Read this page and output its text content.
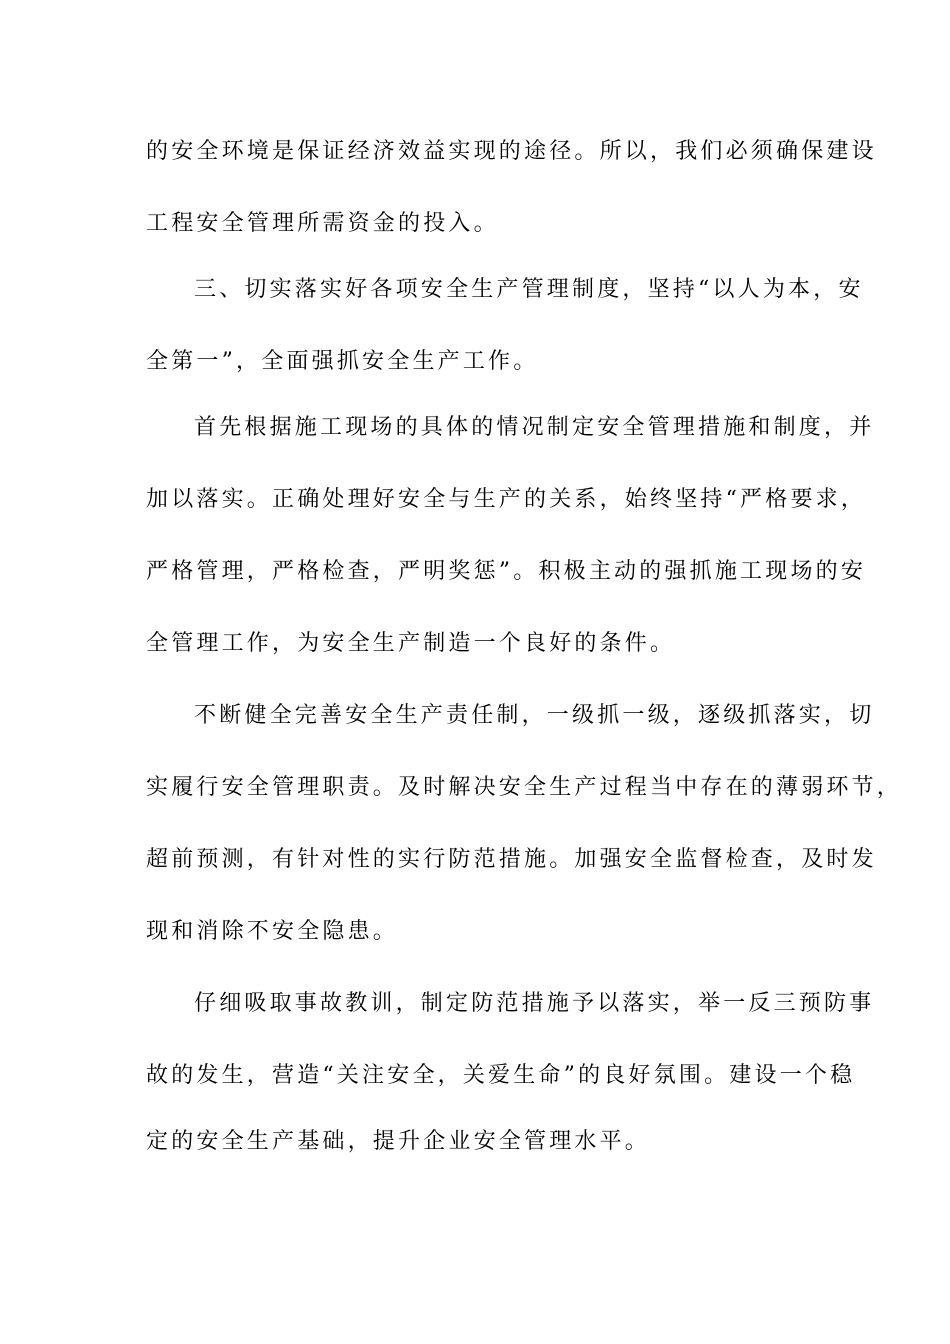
的安全环境是保证经济效益实现的途径。所以，我们必须确保建设
工程安全管理所需资金的投入。
三、切实落实好各项安全生产管理制度，坚持“以人为本，安
全第一”，全面强抓安全生产工作。
首先根据施工现场的具体的情况制定安全管理措施和制度，并
加以落实。正确处理好安全与生产的关系，始终坚持“严格要求，
严格管理，严格检查，严明奖惩”。积极主动的强抓施工现场的安
全管理工作，为安全生产制造一个良好的条件。
不断健全完善安全生产责任制，一级抓一级，逐级抓落实，切
实履行安全管理职责。及时解决安全生产过程当中存在的薄弱环节，
超前预测，有针对性的实行防范措施。加强安全监督检查，及时发
现和消除不安全隐患。
仔细吸取事故教训，制定防范措施予以落实，举一反三预防事
故的发生，营造“关注安全，关爱生命”的良好氛围。建设一个稳
定的安全生产基础，提升企业安全管理水平。
